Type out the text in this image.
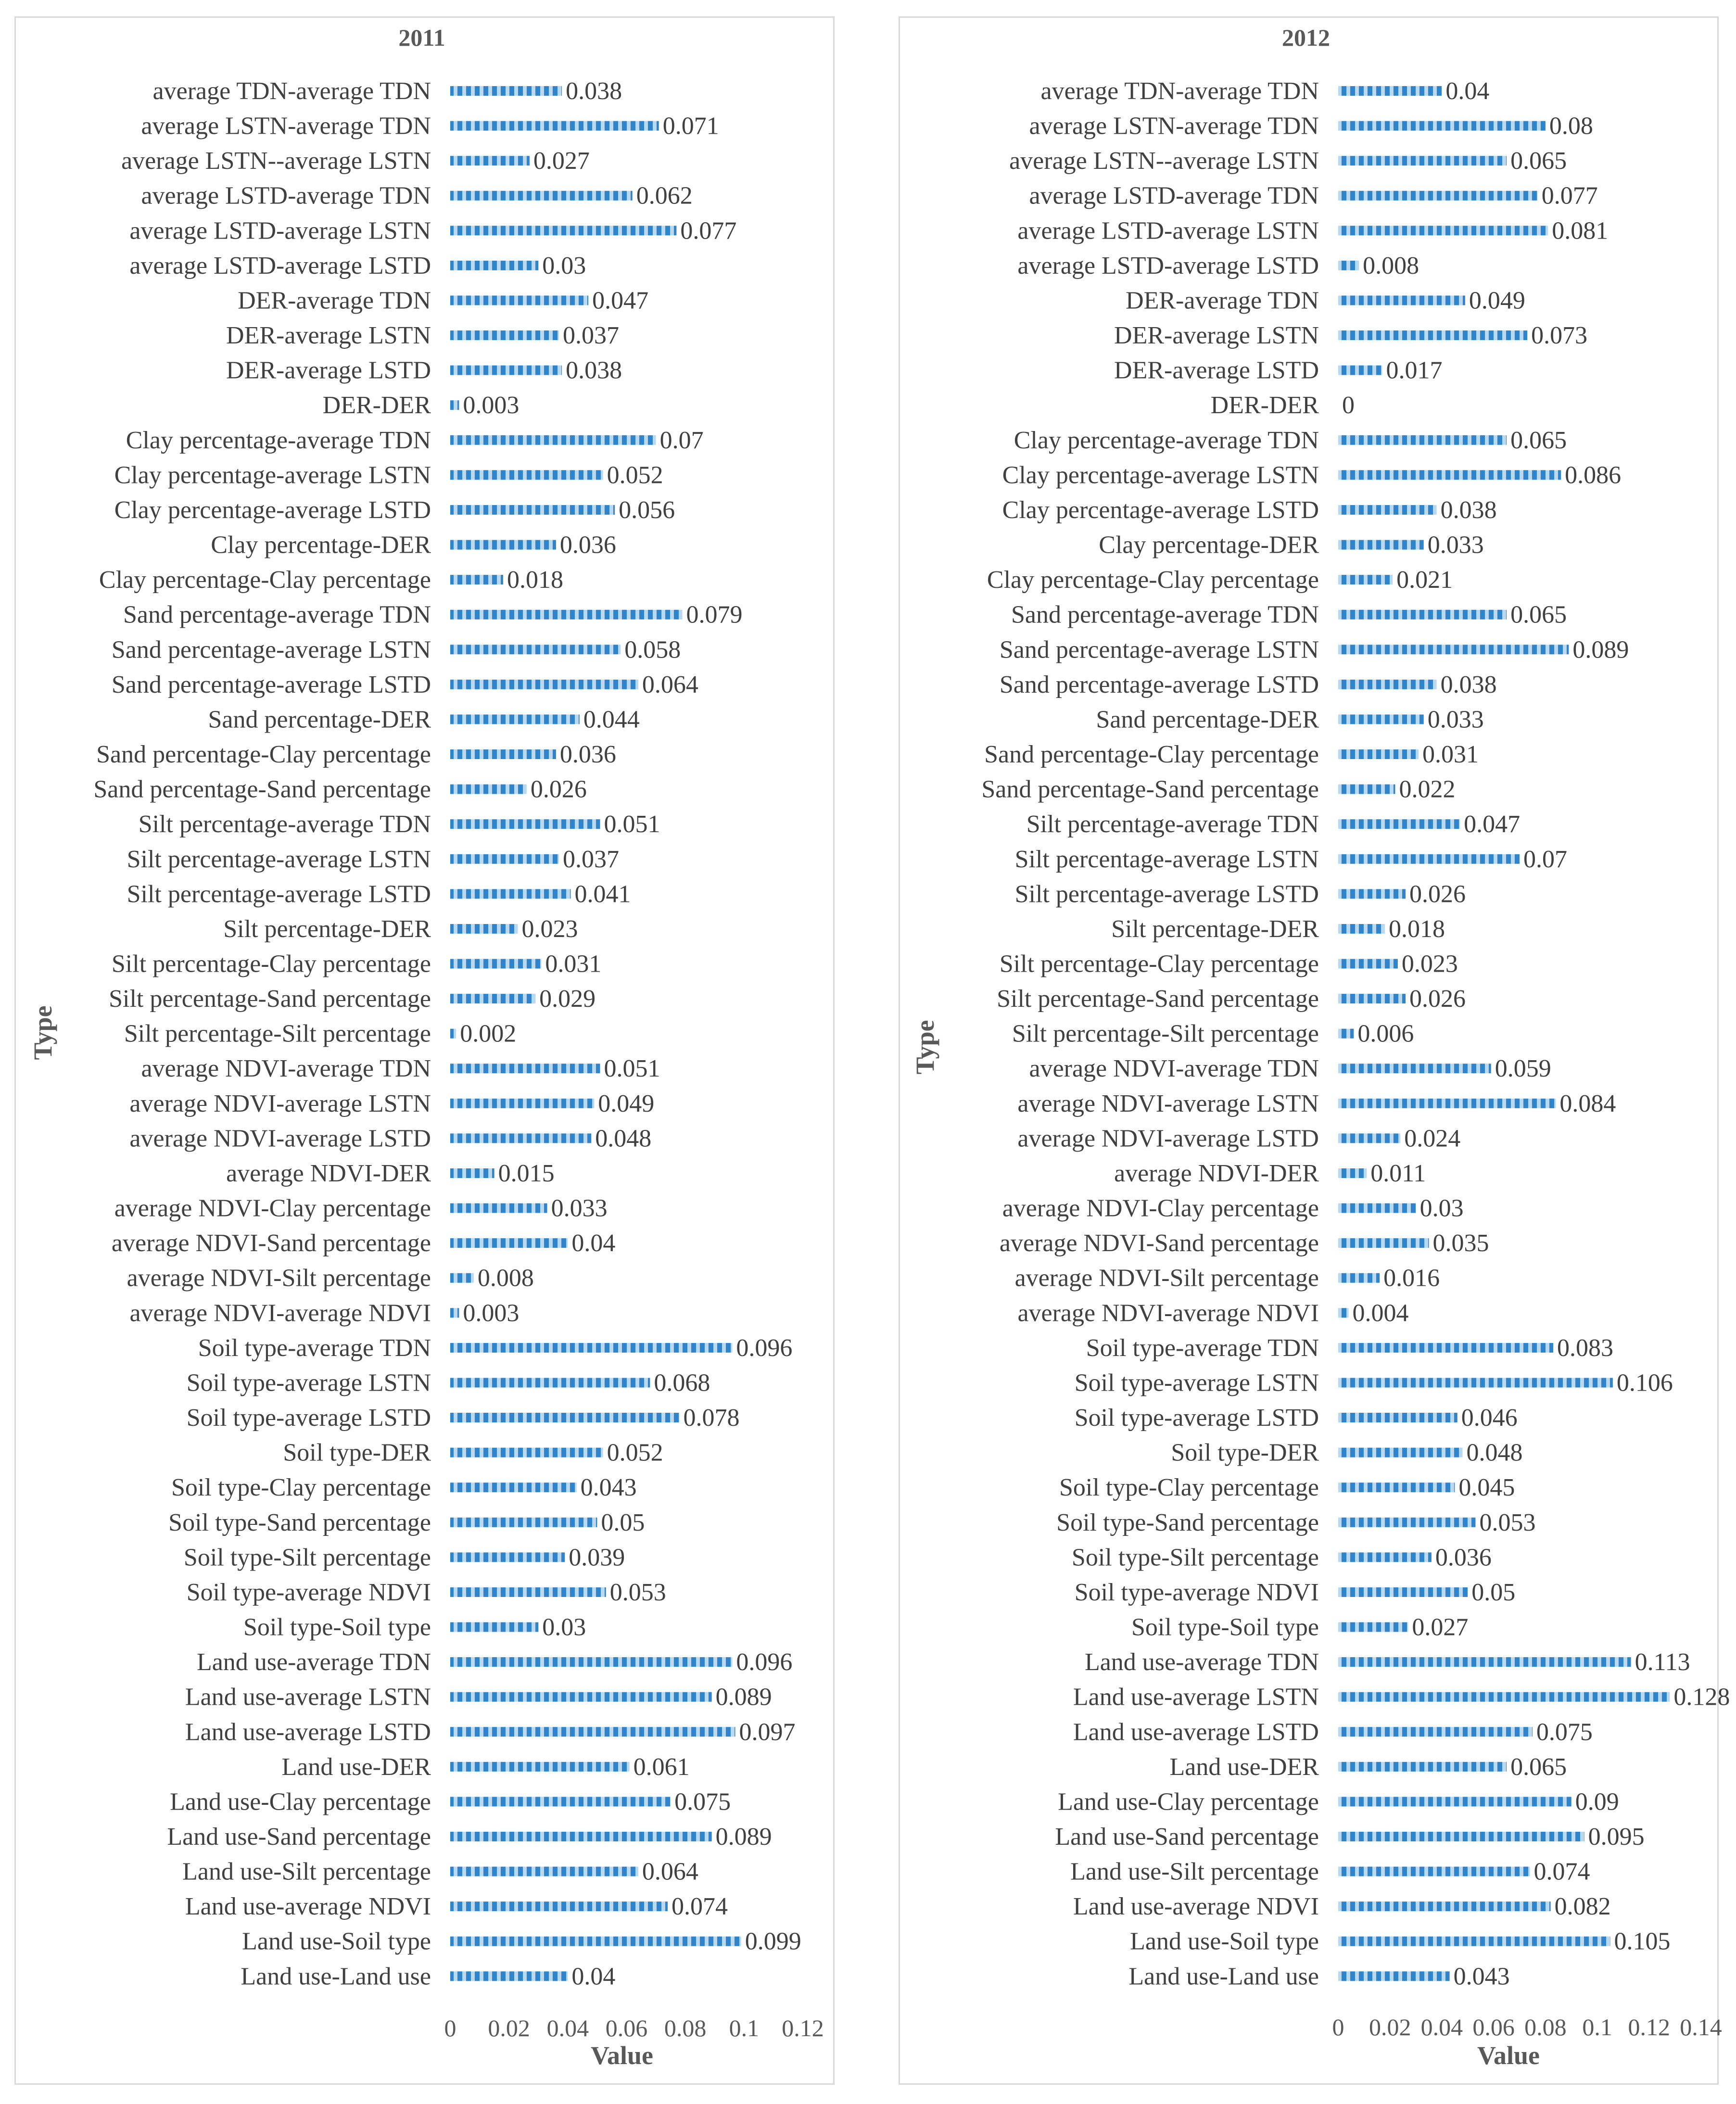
2011
Type
Value
average TDN-average TDN	0.038
average LSTN-average TDN	0.071
average LSTN--average LSTN	0.027
average LSTD-average TDN	0.062
average LSTD-average LSTN	0.077
average LSTD-average LSTD	0.03
DER-average TDN	0.047
DER-average LSTN	0.037
DER-average LSTD	0.038
DER-DER 0.003
Clay percentage-average TDN	0.07
Clay percentage-average LSTN	0.052
Clay percentage-average LSTD	0.056
Clay percentage-DER	0.036
Clay percentage-Clay percentage	0.018
Sand percentage-average TDN	0.079
Sand percentage-average LSTN	0.058
Sand percentage-average LSTD	0.064
Sand percentage-DER	0.044
Sand percentage-Clay percentage	0.036
Sand percentage-Sand percentage	0.026
Silt percentage-average TDN	0.051
Silt percentage-average LSTN	0.037
Silt percentage-average LSTD	0.041
Silt percentage-DER	0.023
Silt percentage-Clay percentage	0.031
Silt percentage-Sand percentage	0.029
Silt percentage-Silt percentage 0.002
average NDVI-average TDN	0.051
average NDVI-average LSTN	0.049
average NDVI-average LSTD	0.048
average NDVI-DER	0.015
average NDVI-Clay percentage	0.033
average NDVI-Sand percentage	0.04
average NDVI-Silt percentage 0.008
average NDVI-average NDVI 0.003
Soil type-average TDN	0.096
Soil type-average LSTN	0.068
Soil type-average LSTD	0.078
Soil type-DER	0.052
Soil type-Clay percentage	0.043
Soil type-Sand percentage	0.05
Soil type-Silt percentage	0.039
Soil type-average NDVI	0.053
Soil type-Soil type	0.03
Land use-average TDN	0.096
Land use-average LSTN	0.089
Land use-average LSTD	0.097
Land use-DER	0.061
Land use-Clay percentage	0.075
Land use-Sand percentage	0.089
Land use-Silt percentage	0.064
Land use-average NDVI	0.074
Land use-Soil type	0.099
Land use-Land use	0.04
0 0.02 0.04 0.06 0.08 0.1 0.12
2012
Type
Value
average TDN-average TDN	0.04
average LSTN-average TDN	0.08
average LSTN--average LSTN	0.065
average LSTD-average TDN	0.077
average LSTD-average LSTN	0.081
average LSTD-average LSTD 0.008
DER-average TDN	0.049
DER-average LSTN	0.073
DER-average LSTD	0.017
DER-DER 0
Clay percentage-average TDN	0.065
Clay percentage-average LSTN	0.086
Clay percentage-average LSTD	0.038
Clay percentage-DER	0.033
Clay percentage-Clay percentage	0.021
Sand percentage-average TDN	0.065
Sand percentage-average LSTN	0.089
Sand percentage-average LSTD	0.038
Sand percentage-DER	0.033
Sand percentage-Clay percentage	0.031
Sand percentage-Sand percentage	0.022
Silt percentage-average TDN	0.047
Silt percentage-average LSTN	0.07
Silt percentage-average LSTD	0.026
Silt percentage-DER	0.018
Silt percentage-Clay percentage	0.023
Silt percentage-Sand percentage	0.026
Silt percentage-Silt percentage 0.006
average NDVI-average TDN	0.059
average NDVI-average LSTN	0.084
average NDVI-average LSTD	0.024
average NDVI-DER 0.011
average NDVI-Clay percentage	0.03
average NDVI-Sand percentage	0.035
average NDVI-Silt percentage	0.016
average NDVI-average NDVI 0.004
Soil type-average TDN	0.083
Soil type-average LSTN	0.106
Soil type-average LSTD	0.046
Soil type-DER	0.048
Soil type-Clay percentage	0.045
Soil type-Sand percentage	0.053
Soil type-Silt percentage	0.036
Soil type-average NDVI	0.05
Soil type-Soil type	0.027
Land use-average TDN	0.113
Land use-average LSTN	0.128
Land use-average LSTD	0.075
Land use-DER	0.065
Land use-Clay percentage	0.09
Land use-Sand percentage	0.095
Land use-Silt percentage	0.074
Land use-average NDVI	0.082
Land use-Soil type	0.105
Land use-Land use	0.043
0 0.02 0.04 0.06 0.08 0.1 0.12 0.14
